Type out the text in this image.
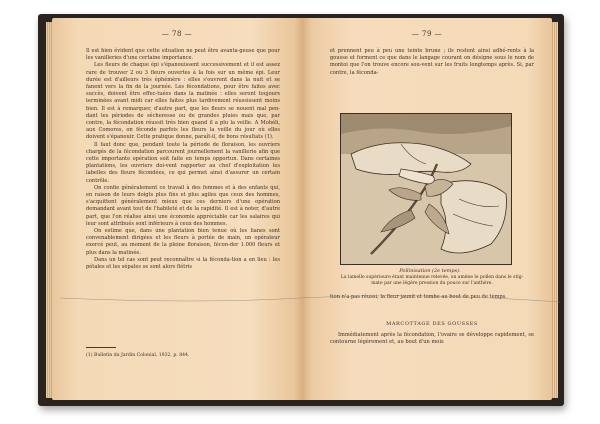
— 78 —

Il est bien évident que cette situation ne peut être avanta-geuse que pour les vanilleries d'une certaine importance.

Les fleurs de chaque épi s'épanouissent successivement et il est assez rare de trouver 2 ou 3 fleurs ouvertes à la fois sur un même épi. Leur durée est d'ailleurs très éphémère : elles s'ouvrent dans la nuit et se fanent vers la fin de la journée. Les fécondations, pour être faites avec succès, doivent être effec-tuées dans la matinée : elles seront toujours terminées avant midi car elles faites plus tardivement réussissent moins bien. Il est à remarquer, d'autre part, que les fleurs se nouent mal pen-dant les périodes de sécheresse ou de grandes pluies mais que, par contre, la fécondation réussit très bien quand il a plu la veille. A Mohéli, aux Comores, on féconde parfois les fleurs la veille du jour où elles doivent s'épanouir. Cette pratique donne, paraît-il, de bons résultats (1).

Il faut donc que, pendant toute la période de floraison, les ouvriers chargés de la fécondation parcourent journellement la vanillerie afin que cette importante opération soit faite en temps opportun. Dans certaines plantations, les ouvriers doi-vent rapporter au chef d'exploitation les labelles des fleurs fécondées, ce qui permet ainsi d'assurer un certain contrôle.

On confie généralement ce travail à des femmes et à des enfants qui, en raison de leurs doigts plus fins et plus agiles que ceux des hommes, s'acquittent généralement mieux que ces derniers d'une opération demandant avant tout de l'habileté et de la rapidité. Il est à noter, d'autre part, que l'on réalise ainsi une économie appréciable car les salaires qui leur sont attribués sont inférieurs à ceux des hommes.

On estime que, dans une plantation bien tenue où les lianes sont convenablement dirigées et les fleurs à portée de main, un opérateur exercé peut, au moment de la pleine floraison, fécon-der 1.000 fleurs et plus dans la matinée.

Dans un tel cas sont peut reconnaître si la féconda-tion a en lieu : les pétales et les sépales se sont alors flétris

(1) Bulletin du Jardin Colonial, 1932, p. 844.
— 79 —

et prennent peu à peu une teinte brune ; ils restent ainsi adhé-rents à la gousse et forment ce que dans le langage courant on désigne sous le nom de montoi que l'on trouve encore sou-vent sur les fruits longtemps après. Si, par contre, la féconda-

Pollinisation (2e temps).
La lamelle supérieure étant maintenue relevée, on amène le pollen dans le stig-mate par une légère pression du pouce sur l'anthère.

tion n'a pas réussi, la fleur jaunit et tombe au bout de peu de temps.

MARCOTTAGE DES GOUSSES

Immédiatement après la fécondation, l'ovaire se développe rapidement, se contourne légèrement et, au bout d'un mois
